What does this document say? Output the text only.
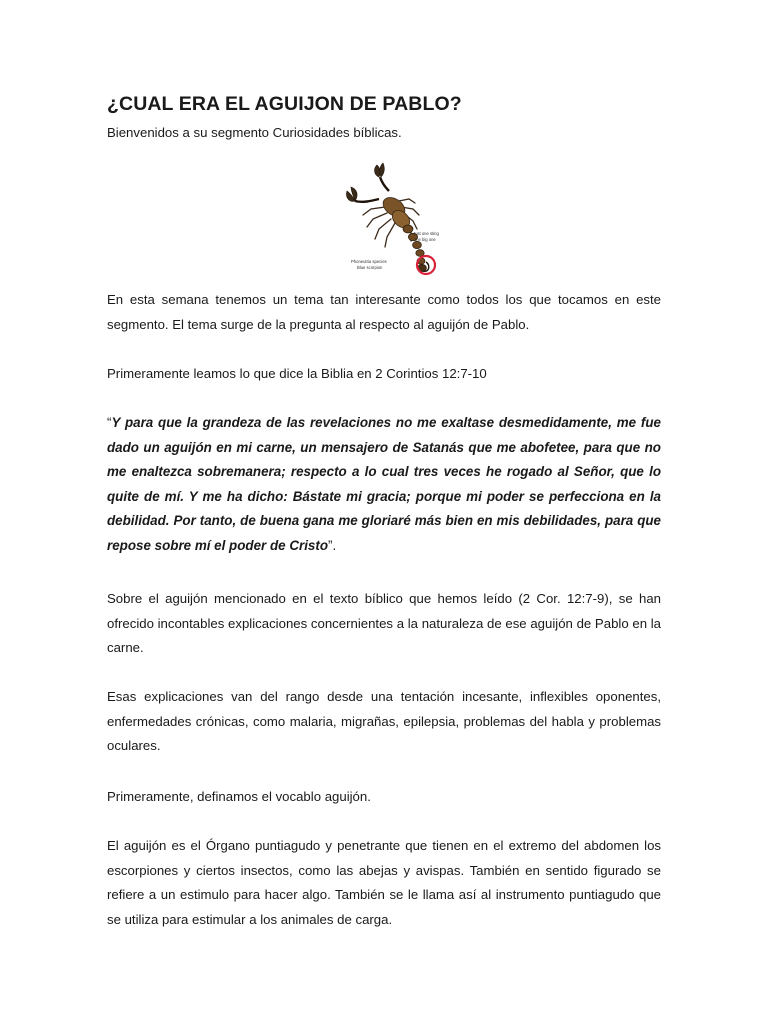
¿CUAL ERA EL AGUIJON DE PABLO?

Bienvenidos a su segmento Curiosidades bíblicas.

Just one sting
the big one
Phoneutria species
Blue scorpion

En esta semana tenemos un tema tan interesante como todos los que tocamos en este segmento. El tema surge de la pregunta al respecto al aguijón de Pablo.

Primeramente leamos lo que dice la Biblia en 2 Corintios 12:7-10

“Y para que la grandeza de las revelaciones no me exaltase desmedidamente, me fue dado un aguijón en mi carne, un mensajero de Satanás que me abofetee, para que no me enaltezca sobremanera; respecto a lo cual tres veces he rogado al Señor, que lo quite de mí. Y me ha dicho: Bástate mi gracia; porque mi poder se perfecciona en la debilidad. Por tanto, de buena gana me gloriaré más bien en mis debilidades, para que repose sobre mí el poder de Cristo”.

Sobre el aguijón mencionado en el texto bíblico que hemos leído (2 Cor. 12:7-9), se han ofrecido incontables explicaciones concernientes a la naturaleza de ese aguijón de Pablo en la carne.

Esas explicaciones van del rango desde una tentación incesante, inflexibles oponentes, enfermedades crónicas, como malaria, migrañas, epilepsia, problemas del habla y problemas oculares.

Primeramente, definamos el vocablo aguijón.

El aguijón es el Órgano puntiagudo y penetrante que tienen en el extremo del abdomen los escorpiones y ciertos insectos, como las abejas y avispas. También en sentido figurado se refiere a un estimulo para hacer algo. También se le llama así al instrumento puntiagudo que se utiliza para estimular a los animales de carga.
